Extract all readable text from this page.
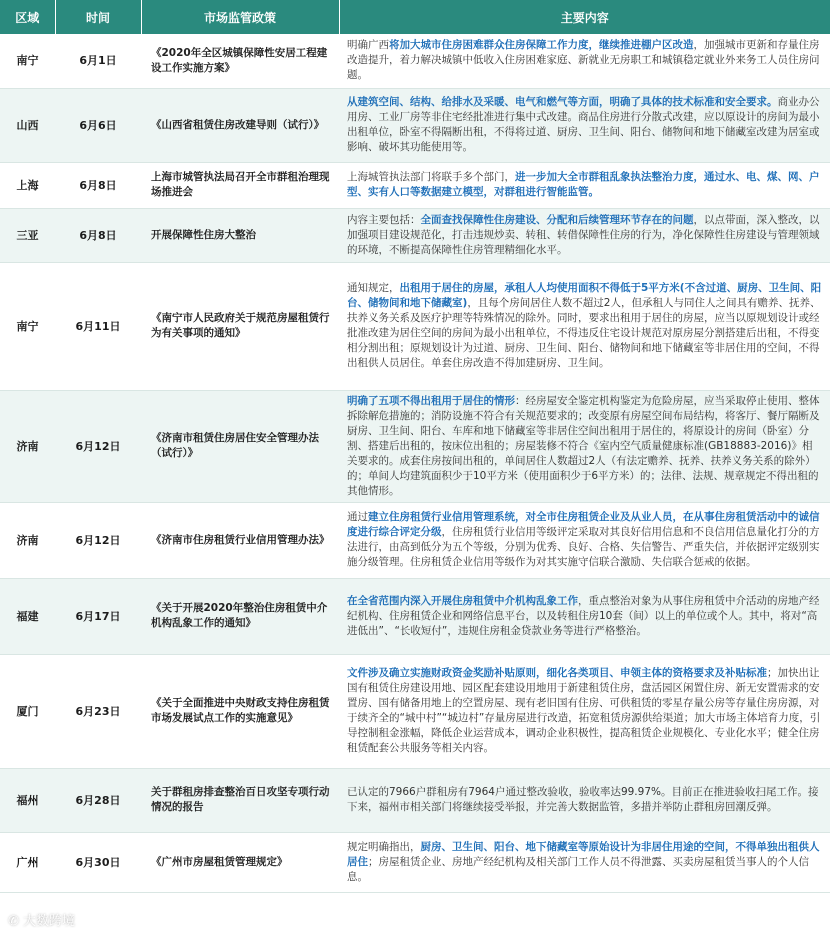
区域	时间	市场监管政策	主要内容
南宁	6月1日	《2020年全区城镇保障性安居工程建设工作实施方案》	明确广西将加大城市住房困难群众住房保障工作力度，继续推进棚户区改造，加强城市更新和存量住房改造提升，着力解决城镇中低收入住房困难家庭、新就业无房职工和城镇稳定就业外来务工人员住房问题。
山西	6月6日	《山西省租赁住房改建导则（试行）》	从建筑空间、结构、给排水及采暖、电气和燃气等方面，明确了具体的技术标准和安全要求。商业办公用房、工业厂房等非住宅经批准进行集中式改建。商品住房进行分散式改建，应以原设计的房间为最小出租单位，卧室不得隔断出租，不得将过道、厨房、卫生间、阳台、储物间和地下储藏室改建为居室或影响、破坏其功能使用等。
上海	6月8日	上海市城管执法局召开全市群租治理现场推进会	上海城管执法部门将联手多个部门，进一步加大全市群租乱象执法整治力度，通过水、电、煤、网、户型、实有人口等数据建立模型，对群租进行智能监管。
三亚	6月8日	开展保障性住房大整治	内容主要包括：全面查找保障性住房建设、分配和后续管理环节存在的问题，以点带面，深入整改，以加强项目建设规范化，打击违规炒卖、转租、转借保障性住房的行为，净化保障性住房建设与管理领域的环境，不断提高保障性住房管理精细化水平。
南宁	6月11日	《南宁市人民政府关于规范房屋租赁行为有关事项的通知》	通知规定，出租用于居住的房屋，承租人人均使用面积不得低于5平方米(不含过道、厨房、卫生间、阳台、储物间和地下储藏室)，且每个房间居住人数不超过2人，但承租人与同住人之间具有赡养、抚养、扶养义务关系及医疗护理等特殊情况的除外。同时，要求出租用于居住的房屋，应当以原规划设计或经批准改建为居住空间的房间为最小出租单位，不得违反住宅设计规范对原房屋分割搭建后出租，不得变相分割出租；原规划设计为过道、厨房、卫生间、阳台、储物间和地下储藏室等非居住用的空间，不得出租供人员居住。单套住房改造不得加建厨房、卫生间。
济南	6月12日	《济南市租赁住房居住安全管理办法（试行）》	明确了五项不得出租用于居住的情形：经房屋安全鉴定机构鉴定为危险房屋，应当采取停止使用、整体拆除解危措施的；消防设施不符合有关规范要求的；改变原有房屋空间布局结构，将客厅、餐厅隔断及厨房、卫生间、阳台、车库和地下储藏室等非居住空间出租用于居住的，将原设计的房间（卧室）分割、搭建后出租的，按床位出租的；房屋装修不符合《室内空气质量健康标准(GB18883-2016)》相关要求的。成套住房按间出租的，单间居住人数超过2人（有法定赡养、抚养、扶养义务关系的除外）的；单间人均建筑面积少于10平方米（使用面积少于6平方米）的；法律、法规、规章规定不得出租的其他情形。
济南	6月12日	《济南市住房租赁行业信用管理办法》	通过建立住房租赁行业信用管理系统，对全市住房租赁企业及从业人员，在从事住房租赁活动中的诚信度进行综合评定分级，住房租赁行业信用等级评定采取对其良好信用信息和不良信用信息量化打分的方法进行，由高到低分为五个等级，分别为优秀、良好、合格、失信警告、严重失信，并依据评定级别实施分级管理。住房租赁企业信用等级作为对其实施守信联合激励、失信联合惩戒的依据。
福建	6月17日	《关于开展2020年整治住房租赁中介机构乱象工作的通知》	在全省范围内深入开展住房租赁中介机构乱象工作，重点整治对象为从事住房租赁中介活动的房地产经纪机构、住房租赁企业和网络信息平台，以及转租住房10套（间）以上的单位或个人。其中，将对“高进低出”、“长收短付”，违规住房租金贷款业务等进行严格整治。
厦门	6月23日	《关于全面推进中央财政支持住房租赁市场发展试点工作的实施意见》	文件涉及确立实施财政资金奖励补贴原则，细化各类项目、申领主体的资格要求及补贴标准；加快出让国有租赁住房建设用地、园区配套建设用地用于新建租赁住房，盘活园区闲置住房、新无安置需求的安置房、国有储备用地上的空置房屋、现有老旧国有住房、可供租赁的零星存量公房等存量住房房源，对于续齐全的“城中村”“城边村”存量房屋进行改造，拓宽租赁房源供给渠道；加大市场主体培育力度，引导控制租金涨幅，降低企业运营成本，调动企业积极性，提高租赁企业规模化、专业化水平；健全住房租赁配套公共服务等相关内容。
福州	6月28日	关于群租房排查整治百日攻坚专项行动情况的报告	已认定的7966户群租房有7964户通过整改验收，验收率达99.97%。目前正在推进验收扫尾工作。接下来，福州市相关部门将继续接受举报，并完善大数据监管，多措并举防止群租房回潮反弹。
广州	6月30日	《广州市房屋租赁管理规定》	规定明确指出，厨房、卫生间、阳台、地下储藏室等原始设计为非居住用途的空间，不得单独出租供人居住；房屋租赁企业、房地产经纪机构及相关部门工作人员不得泄露、买卖房屋租赁当事人的个人信息。
✆ 大数跨境
